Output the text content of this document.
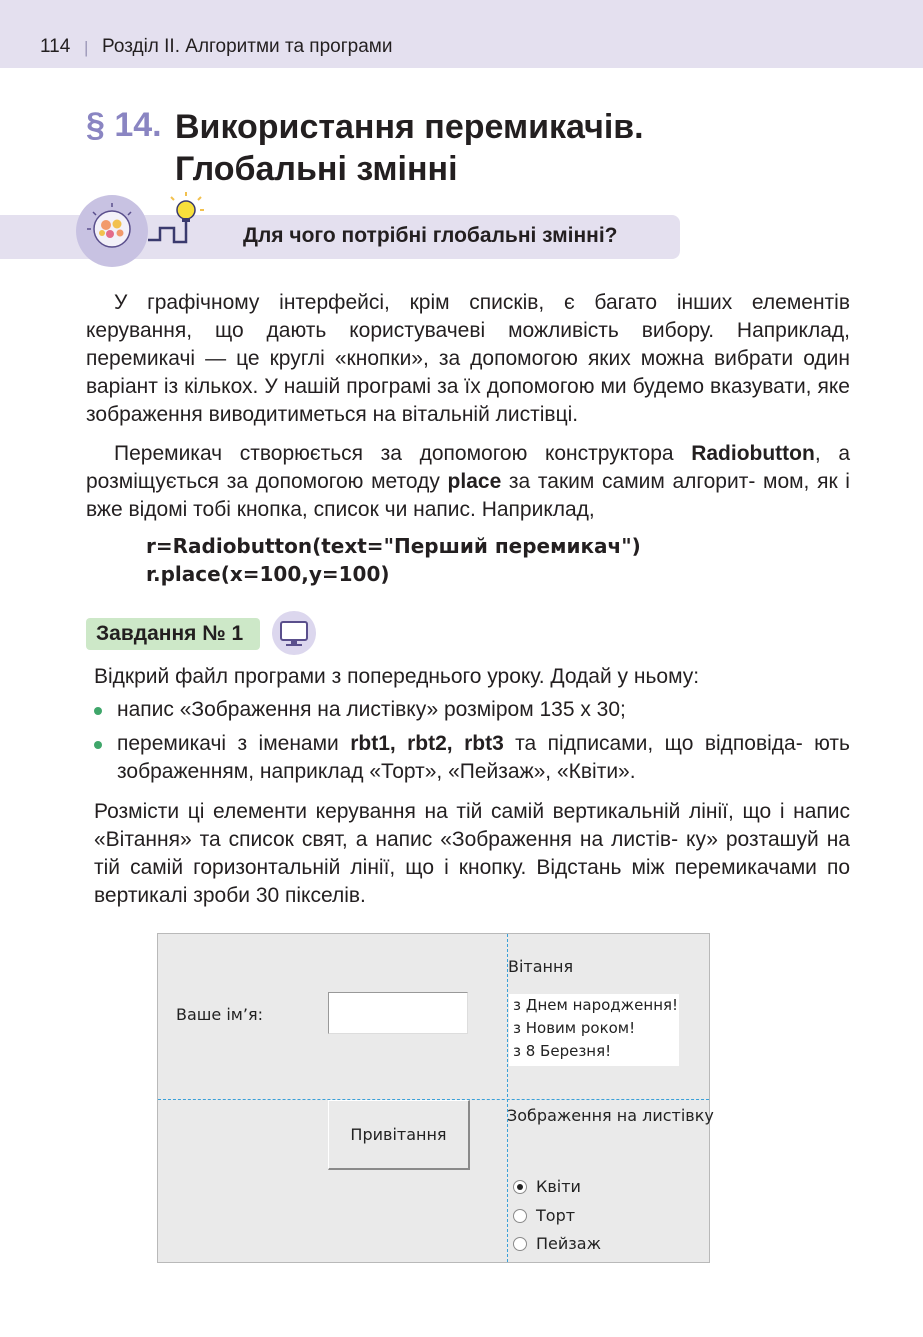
114 | Розділ ІІ. Алгоритми та програми
§ 14. Використання перемикачів.
Глобальні змінні
Для чого потрібні глобальні змінні?
У графічному інтерфейсі, крім списків, є багато інших елементів керування, що дають користувачеві можливість вибору. Наприклад, перемикачі — це круглі «кнопки», за допомогою яких можна вибрати один варіант із кількох. У нашій програмі за їх допомогою ми будемо вказувати, яке зображення виводитиметься на вітальній листівці.
Перемикач створюється за допомогою конструктора Radiobutton, а розміщується за допомогою методу place за таким самим алгорит- мом, як і вже відомі тобі кнопка, список чи напис. Наприклад,
r=Radiobutton(text="Перший перемикач")
r.place(x=100,y=100)
Завдання № 1
Відкрий файл програми з попереднього уроку. Додай у ньому:
напис «Зображення на листівку» розміром 135 x 30;
перемикачі з іменами rbt1, rbt2, rbt3 та підписами, що відповіда- ють зображенням, наприклад «Торт», «Пейзаж», «Квіти».
Розмісти ці елементи керування на тій самій вертикальній лінії, що і напис «Вітання» та список свят, а напис «Зображення на листів- ку» розташуй на тій самій горизонтальній лінії, що і кнопку. Відстань між перемикачами по вертикалі зроби 30 пікселів.
Ваше ім’я:
Вітання
з Днем народження!
з Новим роком!
з 8 Березня!
Привітання
Зображення на листівку
Квіти
Торт
Пейзаж
